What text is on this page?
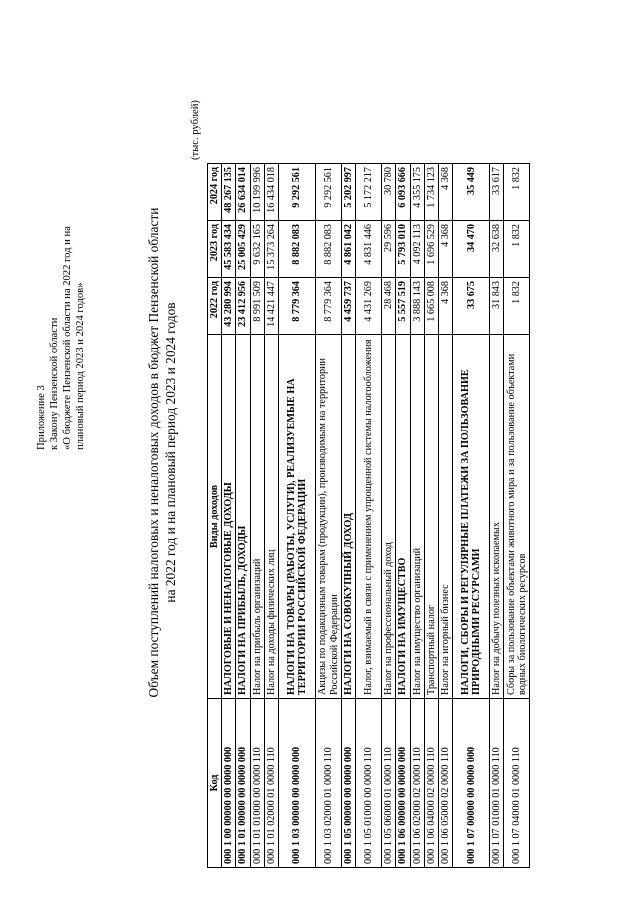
Приложение 3 к Закону Пензенской области «О бюджете Пензенской области на 2022 год и на плановый период 2023 и 2024 годов»	Объем поступлений налоговых и неналоговых доходов в бюджет Пензенской области на 2022 год и на плановый период 2023 и 2024 годов
(тыс. рублей)
Код	Виды доходов	2022 год	2023 год	2024 год
000 1 00 00000 00 0000 000	НАЛОГОВЫЕ И НЕНАЛОГОВЫЕ ДОХОДЫ	43 280 994	45 583 434	48 267 135
000 1 01 00000 00 0000 000	НАЛОГИ НА ПРИБЫЛЬ, ДОХОДЫ	23 412 956	25 005 429	26 634 014
000 1 01 01000 00 0000 110	Налог на прибыль организаций	8 991 509	9 632 165	10 199 996
000 1 01 02000 01 0000 110	Налог на доходы физических лиц	14 421 447	15 373 264	16 434 018
000 1 03 00000 00 0000 000	НАЛОГИ НА ТОВАРЫ (РАБОТЫ, УСЛУГИ), РЕАЛИЗУЕМЫЕ НА ТЕРРИТОРИИ РОССИЙСКОЙ ФЕДЕРАЦИИ	8 779 364	8 882 083	9 292 561
000 1 03 02000 01 0000 110	Акцизы по подакцизным товарам (продукции), производимым на территории Российской Федерации	8 779 364	8 882 083	9 292 561
000 1 05 00000 00 0000 000	НАЛОГИ НА СОВОКУПНЫЙ ДОХОД	4 459 737	4 861 042	5 202 997
000 1 05 01000 00 0000 110	Налог, взимаемый в связи с применением упрощенной системы налогообложения	4 431 269	4 831 446	5 172 217
000 1 05 06000 01 0000 110	Налог на профессиональный доход	28 468	29 596	30 780
000 1 06 00000 00 0000 000	НАЛОГИ НА ИМУЩЕСТВО	5 557 519	5 793 010	6 093 666
000 1 06 02000 02 0000 110	Налог на имущество организаций	3 888 143	4 092 113	4 355 175
000 1 06 04000 02 0000 110	Транспортный налог	1 665 008	1 696 529	1 734 123
000 1 06 05000 02 0000 110	Налог на игорный бизнес	4 368	4 368	4 368
000 1 07 00000 00 0000 000	НАЛОГИ, СБОРЫ И РЕГУЛЯРНЫЕ ПЛАТЕЖИ ЗА ПОЛЬЗОВАНИЕ ПРИРОДНЫМИ РЕСУРСАМИ	33 675	34 470	35 449
000 1 07 01000 01 0000 110	Налог на добычу полезных ископаемых	31 843	32 638	33 617
000 1 07 04000 01 0000 110	Сборы за пользование объектами животного мира и за пользование объектами водных биологических ресурсов	1 832	1 832	1 832
